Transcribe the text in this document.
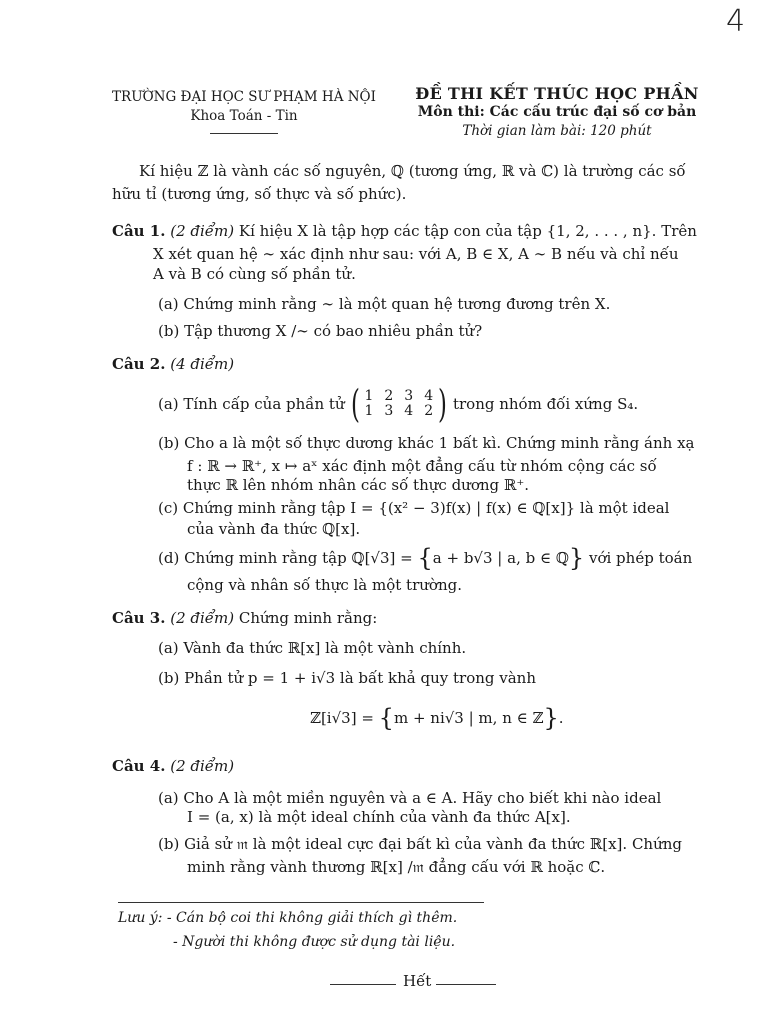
4
TRƯỜNG ĐẠI HỌC SƯ PHẠM HÀ NỘI
Khoa Toán - Tin
ĐỀ THI KẾT THÚC HỌC PHẦN
Môn thi: Các cấu trúc đại số cơ bản
Thời gian làm bài: 120 phút
Kí hiệu ℤ là vành các số nguyên, ℚ (tương ứng, ℝ và ℂ) là trường các số
hữu tỉ (tương ứng, số thực và số phức).
Câu 1. (2 điểm) Kí hiệu X là tập hợp các tập con của tập {1, 2, . . . , n}. Trên
X xét quan hệ ∼ xác định như sau: với A, B ∈ X, A ∼ B nếu và chỉ nếu
A và B có cùng số phần tử.
(a) Chứng minh rằng ∼ là một quan hệ tương đương trên X.
(b) Tập thương X /∼ có bao nhiêu phần tử?
Câu 2. (4 điểm)
(a) Tính cấp của phần tử ( 1 2 3 4
1 3 4 2 ) trong nhóm đối xứng S₄.
(b) Cho a là một số thực dương khác 1 bất kì. Chứng minh rằng ánh xạ
f : ℝ → ℝ⁺, x ↦ aˣ xác định một đẳng cấu từ nhóm cộng các số
thực ℝ lên nhóm nhân các số thực dương ℝ⁺.
(c) Chứng minh rằng tập I = {(x² − 3)f(x) | f(x) ∈ ℚ[x]} là một ideal
của vành đa thức ℚ[x].
(d) Chứng minh rằng tập ℚ[√3] = {a + b√3 | a, b ∈ ℚ} với phép toán
cộng và nhân số thực là một trường.
Câu 3. (2 điểm) Chứng minh rằng:
(a) Vành đa thức ℝ[x] là một vành chính.
(b) Phần tử p = 1 + i√3 là bất khả quy trong vành
ℤ[i√3] = {m + ni√3 | m, n ∈ ℤ}.
Câu 4. (2 điểm)
(a) Cho A là một miền nguyên và a ∈ A. Hãy cho biết khi nào ideal
I = (a, x) là một ideal chính của vành đa thức A[x].
(b) Giả sử 𝔪 là một ideal cực đại bất kì của vành đa thức ℝ[x]. Chứng
minh rằng vành thương ℝ[x] /𝔪 đẳng cấu với ℝ hoặc ℂ.
Lưu ý: - Cán bộ coi thi không giải thích gì thêm.
- Người thi không được sử dụng tài liệu.
Hết
